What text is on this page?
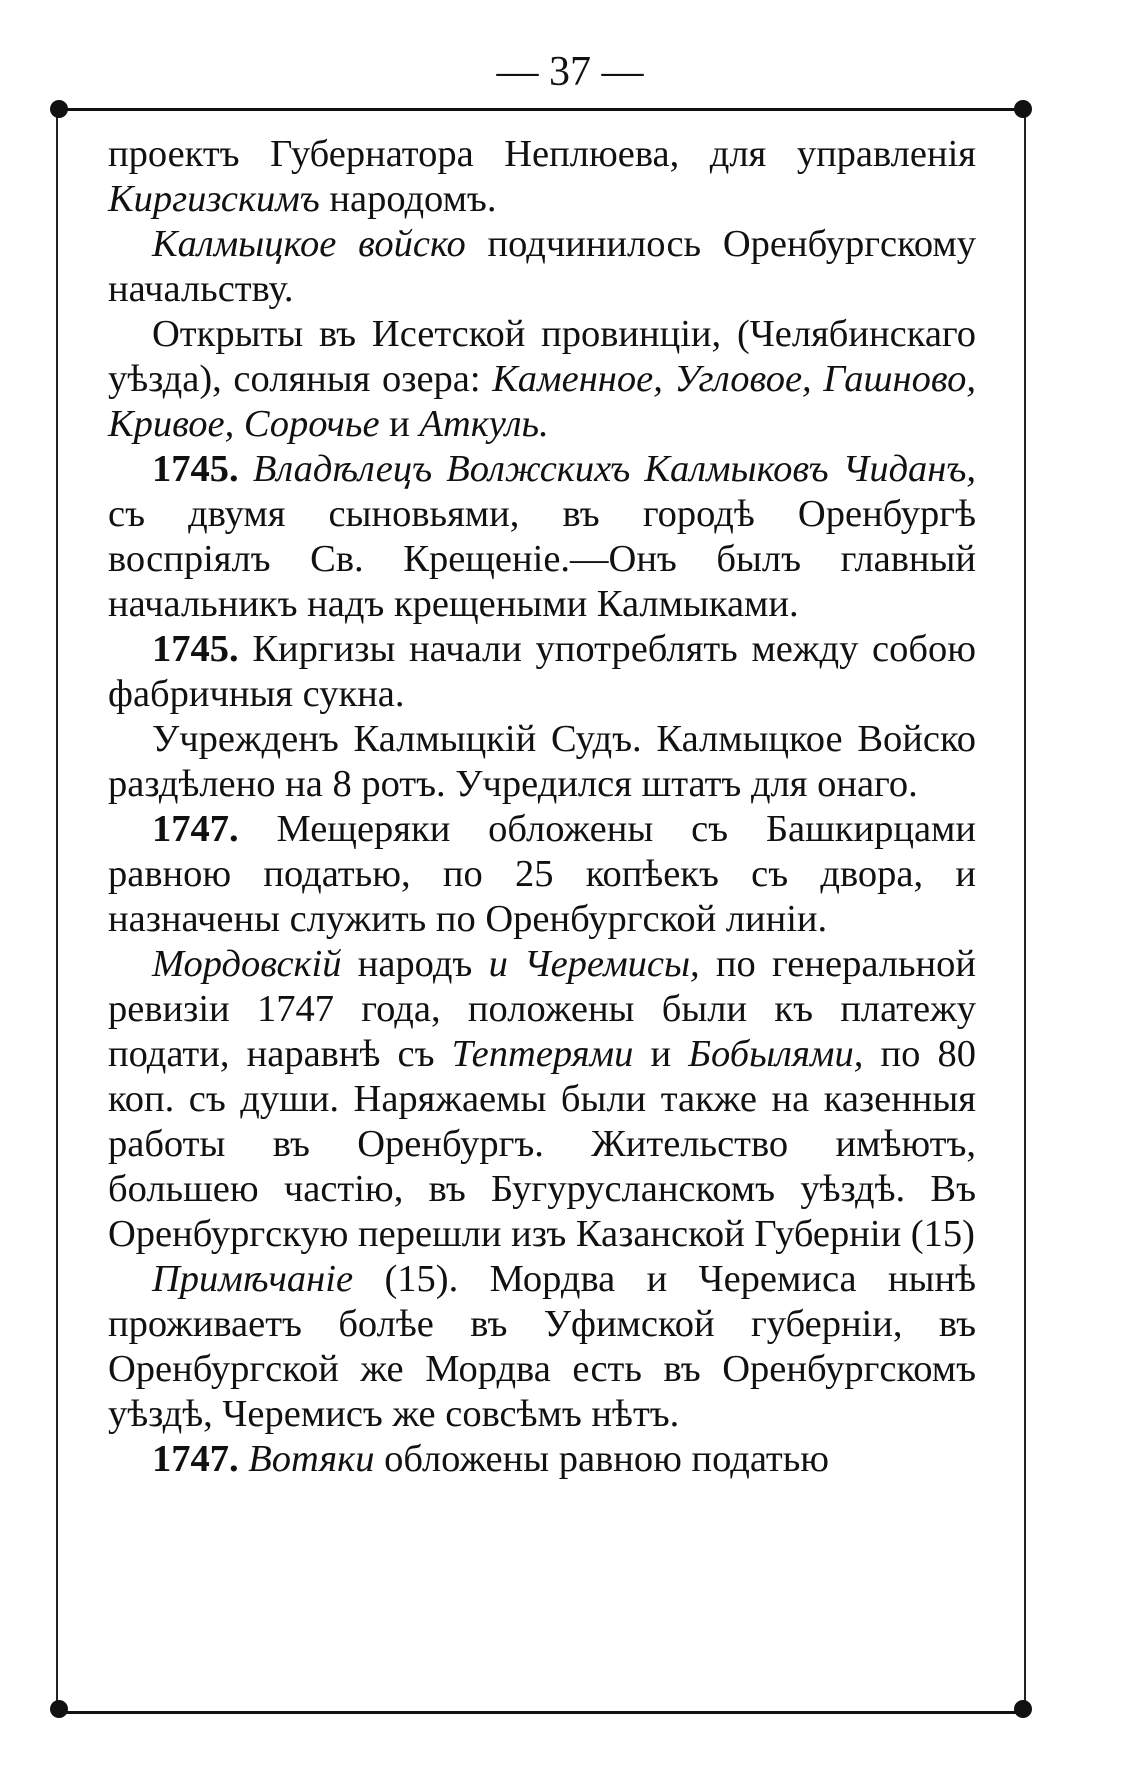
— 37 —

проектъ Губернатора Неплюева, для управленія Киргизскимъ народомъ.

Калмыцкое войско подчинилось Оренбургскому начальству.

Открыты въ Исетской провинціи, (Челябинскаго уѣзда), соляныя озера: Каменное, Угловое, Гашново, Кривое, Сорочье и Аткуль.

1745. Владѣлецъ Волжскихъ Калмыковъ Чиданъ, съ двумя сыновьями, въ городѣ Оренбургѣ воспріялъ Св. Крещеніе.—Онъ былъ главный начальникъ надъ крещеными Калмыками.

1745. Киргизы начали употреблять между собою фабричныя сукна.

Учрежденъ Калмыцкій Судъ. Калмыцкое Войско раздѣлено на 8 ротъ. Учредился штатъ для онаго.

1747. Мещеряки обложены съ Башкирцами равною податью, по 25 копѣекъ съ двора, и назначены служить по Оренбургской линіи.

Мордовскій народъ и Черемисы, по генеральной ревизіи 1747 года, положены были къ платежу подати, наравнѣ съ Тептерями и Бобылями, по 80 коп. съ души. Наряжаемы были также на казенныя работы въ Оренбургъ. Жительство имѣютъ, большею частію, въ Бугурусланскомъ уѣздѣ. Въ Оренбургскую перешли изъ Казанской Губерніи (15)

Примѣчаніе (15). Мордва и Черемиса нынѣ проживаетъ болѣе въ Уфимской губерніи, въ Оренбургской же Мордва есть въ Оренбургскомъ уѣздѣ, Черемисъ же совсѣмъ нѣтъ.

1747. Вотяки обложены равною податью
